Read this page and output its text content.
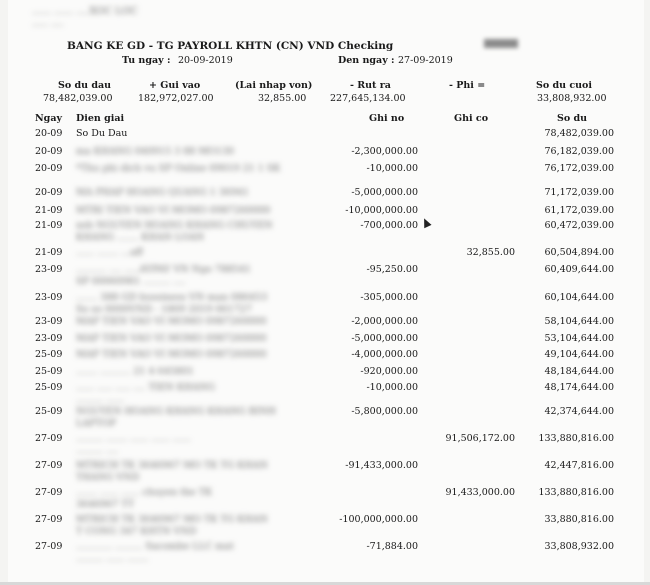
...... ...... ....XOC LOC
..... ....
BANG KE GD - TG PAYROLL KHTN (CN) VND Checking
Tu ngay : 20-09-2019	Den ngay : 27-09-2019
So du dau	+ Gui vao	(Lai nhap von)	- Rut ra	- Phi =	So du cuoi
78,482,039.00	182,972,027.00	32,855.00 227,645,134.00	33,808,932.00
Ngay Dien giai	Ghi no	Ghi co	So du
20-09 So Du Dau	78,482,039.00
20-09 ma KHANG 040915 3 88 MO130	-2,300,000.00	76,182,039.00
20-09 *Thu phi dich vu SP Online 09019 21 1 SK	-10,000.00	76,172,039.00
20-09 MA PHAP HOANG QUANG 1 36941	-5,000,000.00	71,172,039.00
21-09 MTRI TIEN VAO VI MOMO 0987260000	-10,000,000.00	61,172,039.00
21-09 xeb NGUYEN HOANG KHANG CHUYEN
KHANG ....... KHAN LOAN
-700,000.00	60,472,039.00
21-09 ...... ....... ...aff	32,855.00	60,504,894.00
23-09 .......... .... .....AYPAY VN Ngo 788541
SP 00060981 ......... ....
-95,250.00	60,409,644.00
23-09 ....... 388 GD bussiness VN man 086453
So so 0000VND - 1809 2019 061727
-305,000.00	60,104,644.00
23-09 MAP TIEN VAO VI MOMO 0987260000	-2,000,000.00	58,104,644.00
23-09 MAP TIEN VAO VI MOMO 0987260000	-5,000,000.00	53,104,644.00
25-09 MAP TIEN VAO VI MOMO 0987260000	-4,000,000.00	49,104,644.00
25-09 ....... .......... 21 4 645801	-920,000.00	48,184,644.00
25-09 ...... ..... ..... .... TIEN KHANG
......... ......
-10,000.00	48,174,644.00
25-09 NGUYEN HOANG KHANG KHANG BINH
LAPTOP
-5,800,000.00	42,374,644.00
27-09 ......... ....... ...... ...... ......
......... ....
91,506,172.00 133,880,816.00
27-09 MTRICH TK 3646967 MO TK TG KHAN
THANG VND
-91,433,000.00	42,447,816.00
27-09 ....... ...... ...... chuyen the TK
3646967 TT
91,433,000.00 133,880,816.00
27-09 MTRICH TK 3646967 MO TK TG KHAN
T CONG 347 KHTN VND
-100,000,000.00	33,880,816.00
27-09 ............ ......... Sacombe LLC mat
......... ...... .......
-71,884.00	33,808,932.00
